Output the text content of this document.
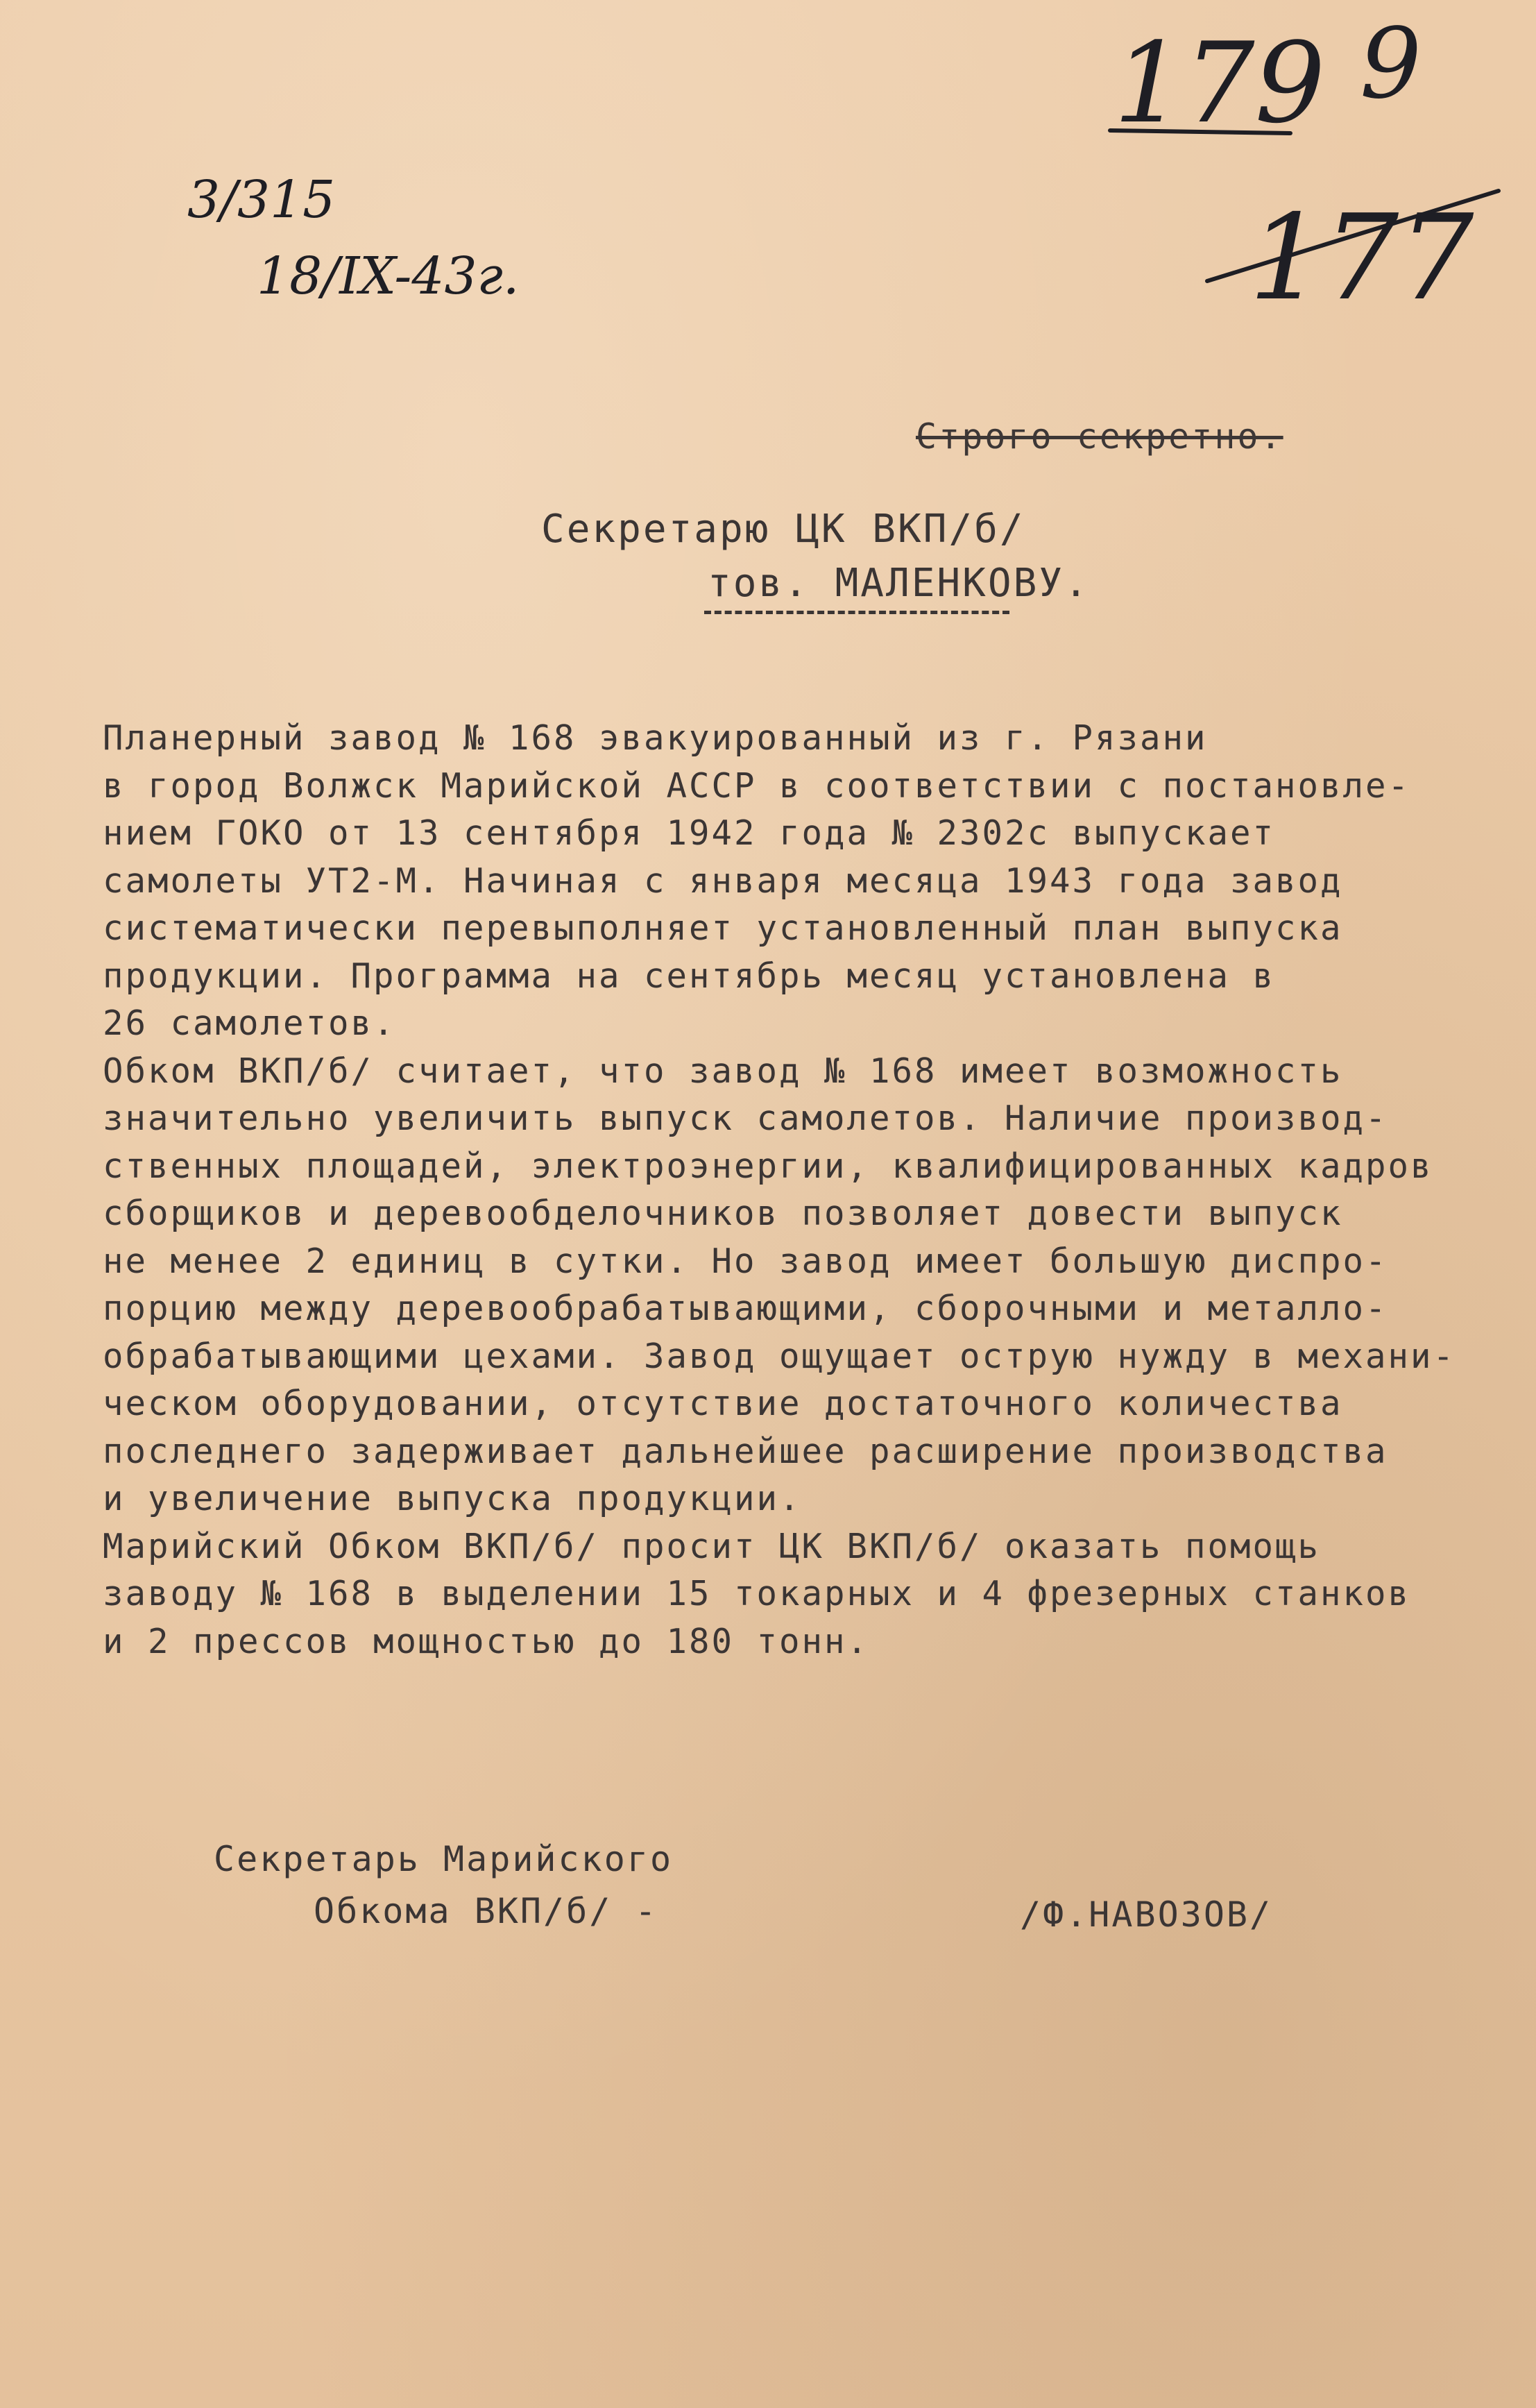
179 9
177
3/315
18/IX-43г.
Строго секретно.
Секретарю ЦК ВКП/б/
тов. МАЛЕНКОВУ.
Планерный завод № 168 эвакуированный из г. Рязани
в город Волжск Марийской АССР в соответствии с постановле-
нием ГОКО от 13 сентября 1942 года № 2302с выпускает
самолеты УТ2-М. Начиная с января месяца 1943 года завод
систематически перевыполняет установленный план выпуска
продукции. Программа на сентябрь месяц установлена в
26 самолетов.
Обком ВКП/б/ считает, что завод № 168 имеет возможность
значительно увеличить выпуск самолетов. Наличие производ-
ственных площадей, электроэнергии, квалифицированных кадров
сборщиков и деревообделочников позволяет довести выпуск
не менее 2 единиц в сутки. Но завод имеет большую диспро-
порцию между деревообрабатывающими, сборочными и металло-
обрабатывающими цехами. Завод ощущает острую нужду в механи-
ческом оборудовании, отсутствие достаточного количества
последнего задерживает дальнейшее расширение производства
и увеличение выпуска продукции.
Марийский Обком ВКП/б/ просит ЦК ВКП/б/ оказать помощь
заводу № 168 в выделении 15 токарных и 4 фрезерных станков
и 2 прессов мощностью до 180 тонн.
Секретарь Марийского
Обкома ВКП/б/ -	/Ф.НАВОЗОВ/
